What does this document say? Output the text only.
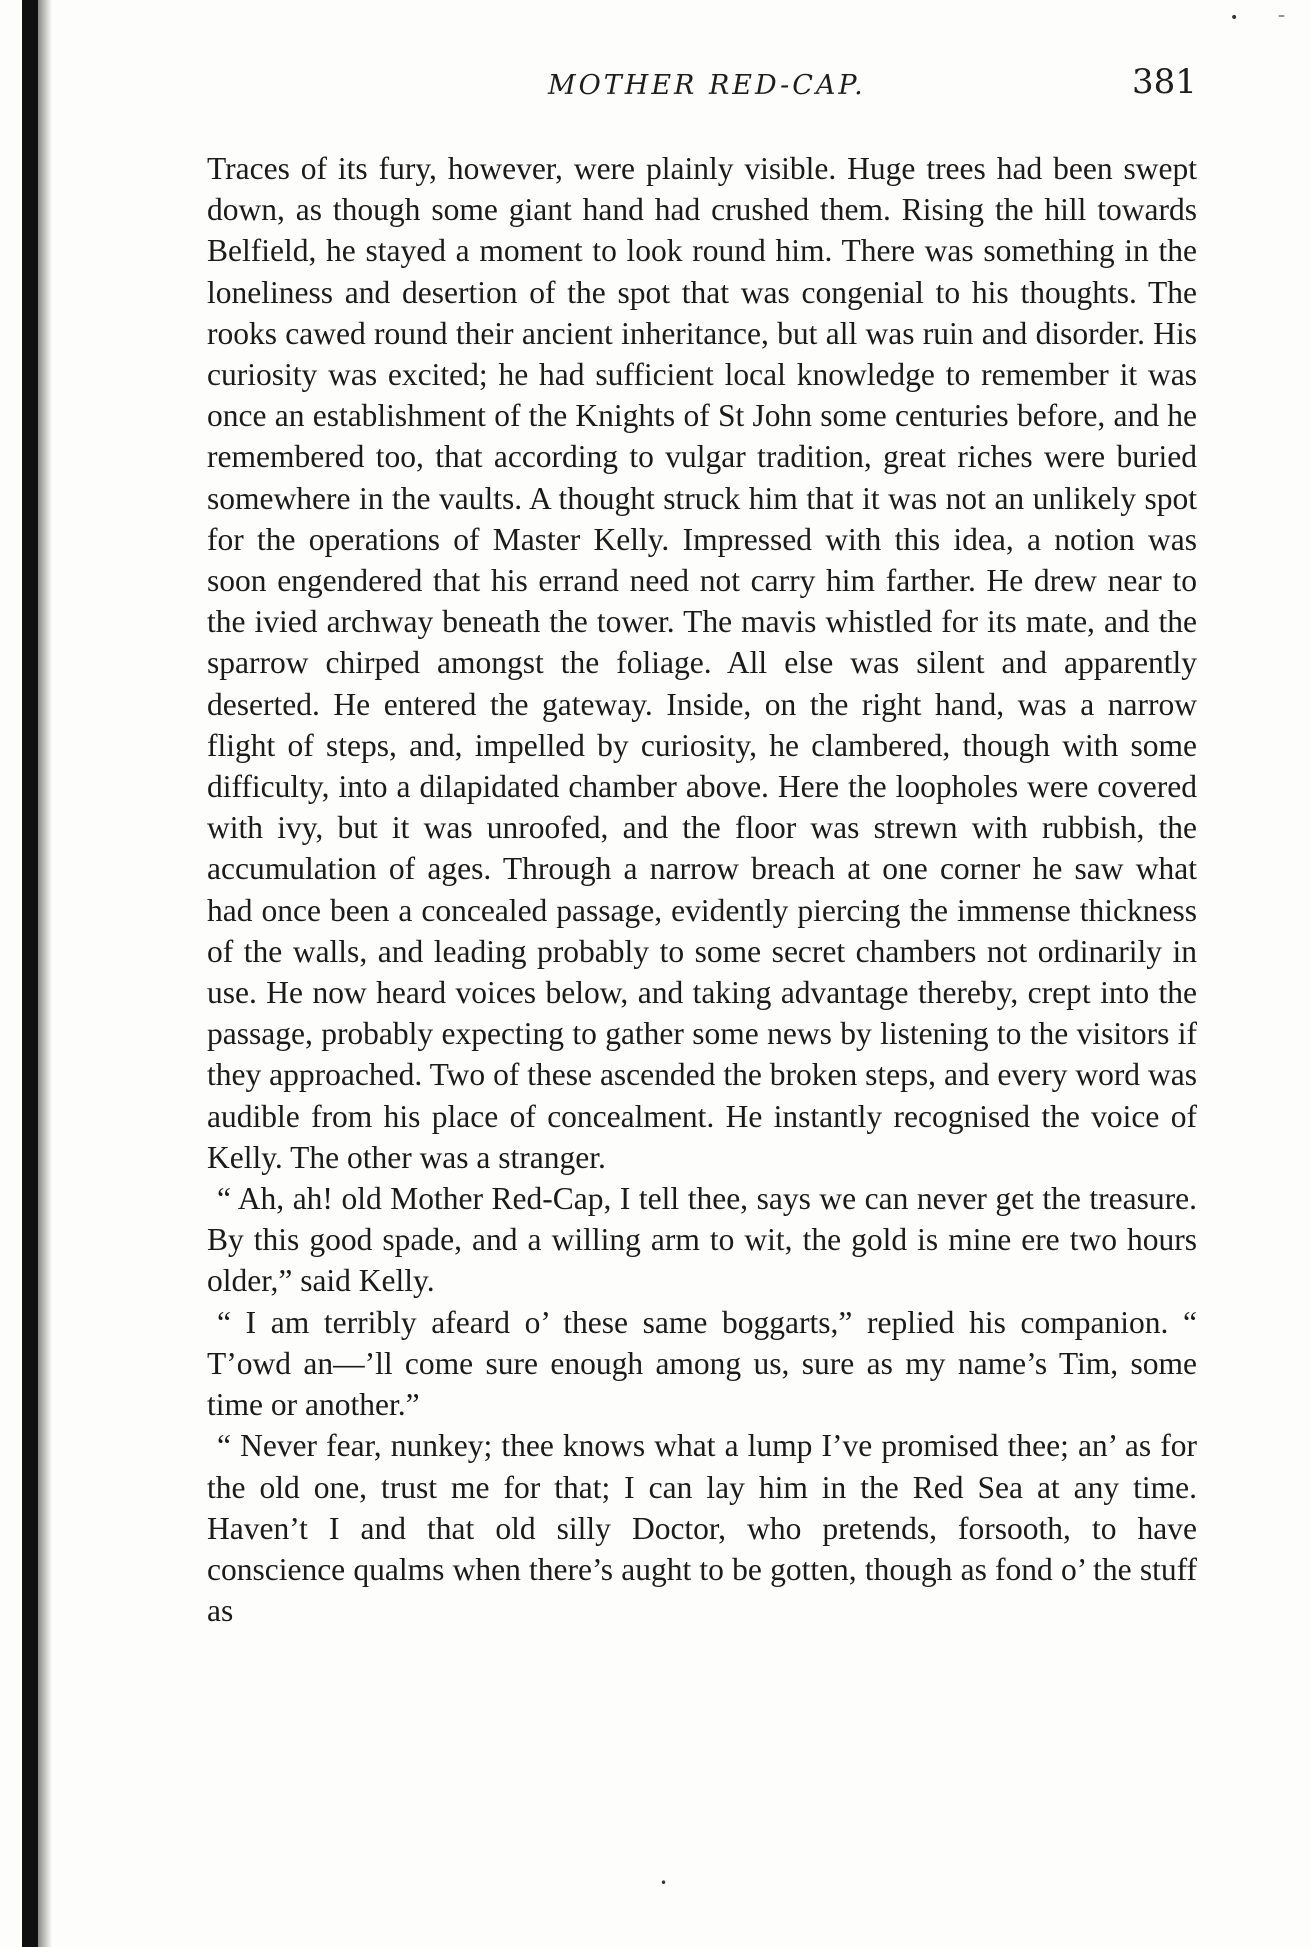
MOTHER RED-CAP.	381

Traces of its fury, however, were plainly visible. Huge trees had been swept down, as though some giant hand had crushed them. Rising the hill towards Belfield, he stayed a moment to look round him. There was something in the loneliness and desertion of the spot that was congenial to his thoughts. The rooks cawed round their ancient inheritance, but all was ruin and disorder. His curiosity was excited; he had sufficient local knowledge to remember it was once an establishment of the Knights of St John some centuries before, and he remembered too, that according to vulgar tradition, great riches were buried somewhere in the vaults. A thought struck him that it was not an unlikely spot for the operations of Master Kelly. Impressed with this idea, a notion was soon engendered that his errand need not carry him farther. He drew near to the ivied archway beneath the tower. The mavis whistled for its mate, and the sparrow chirped amongst the foliage. All else was silent and apparently deserted. He entered the gateway. Inside, on the right hand, was a narrow flight of steps, and, impelled by curiosity, he clambered, though with some difficulty, into a dilapidated chamber above. Here the loopholes were covered with ivy, but it was unroofed, and the floor was strewn with rubbish, the accumulation of ages. Through a narrow breach at one corner he saw what had once been a concealed passage, evidently piercing the immense thickness of the walls, and leading probably to some secret chambers not ordinarily in use. He now heard voices below, and taking advantage thereby, crept into the passage, probably expecting to gather some news by listening to the visitors if they approached. Two of these ascended the broken steps, and every word was audible from his place of concealment. He instantly recognised the voice of Kelly. The other was a stranger.

“ Ah, ah! old Mother Red-Cap, I tell thee, says we can never get the treasure. By this good spade, and a willing arm to wit, the gold is mine ere two hours older,” said Kelly.

“ I am terribly afeard o’ these same boggarts,” replied his companion. “ T’owd an—’ll come sure enough among us, sure as my name’s Tim, some time or another.”

“ Never fear, nunkey; thee knows what a lump I’ve promised thee; an’ as for the old one, trust me for that; I can lay him in the Red Sea at any time. Haven’t I and that old silly Doctor, who pretends, forsooth, to have conscience qualms when there’s aught to be gotten, though as fond o’ the stuff as

•	–
•
